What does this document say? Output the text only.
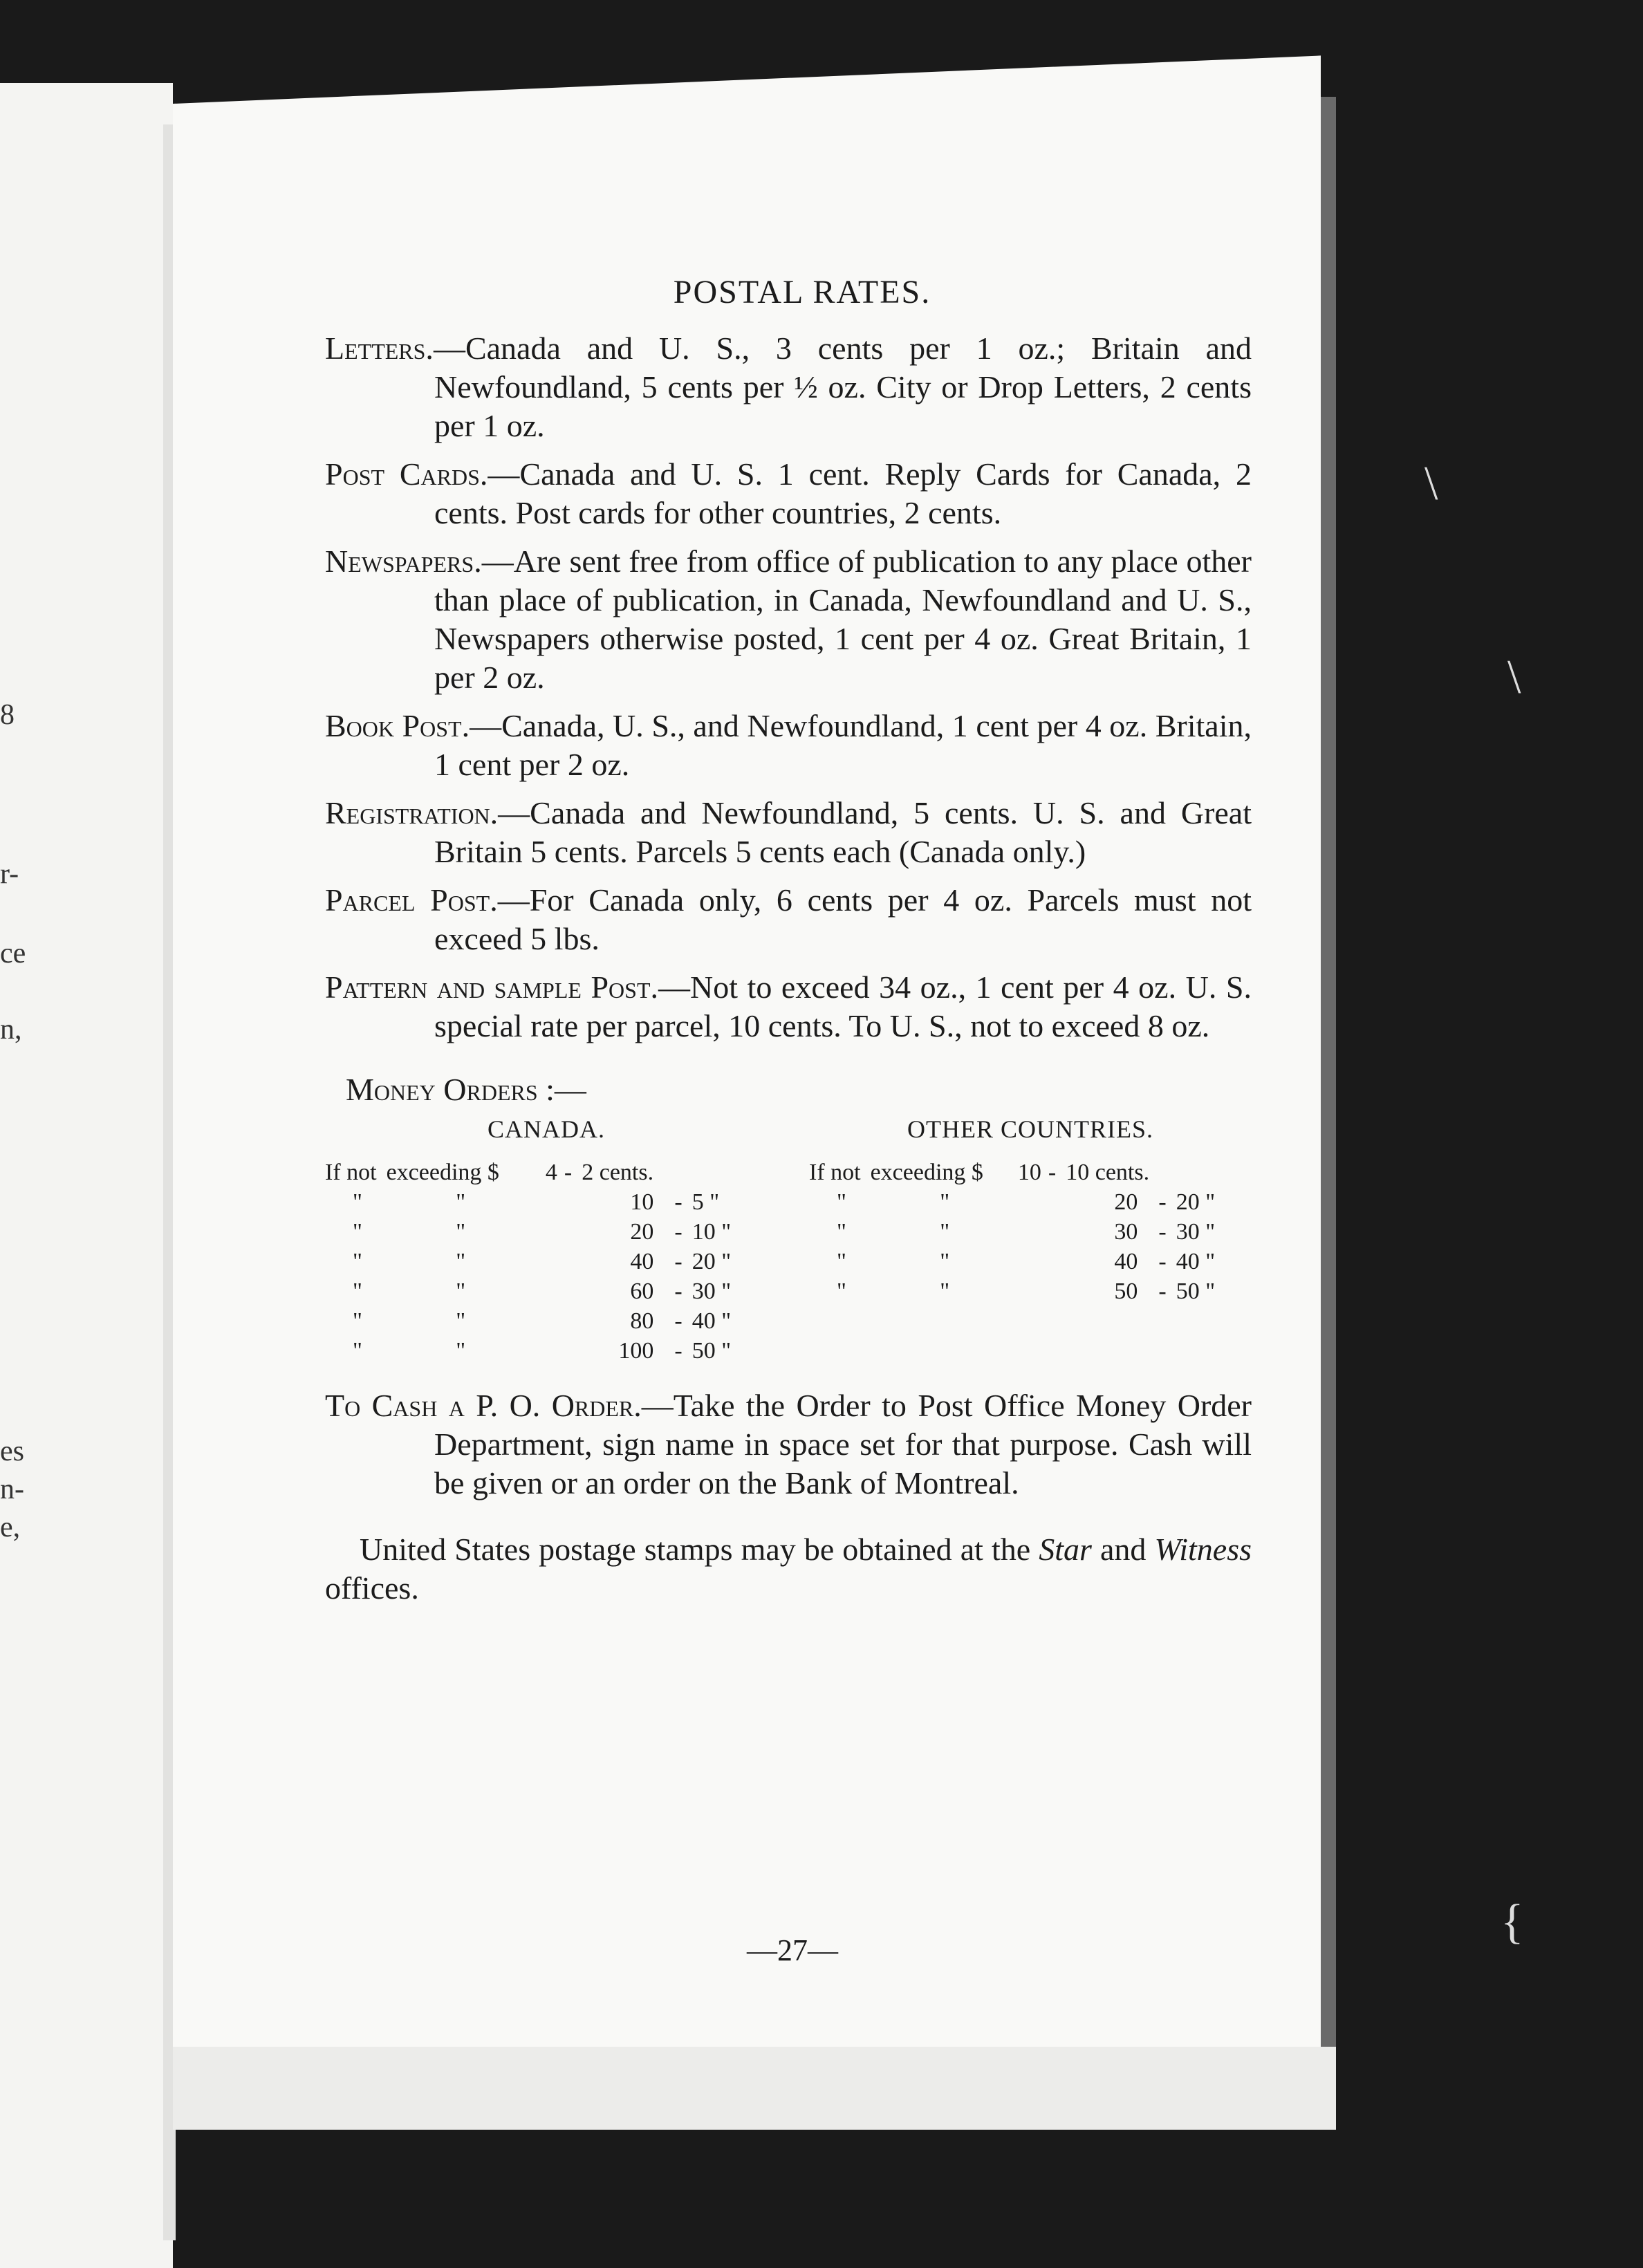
8
r-
ce
n,
es
n-
e,
\
\
{
POSTAL RATES.

Letters.—Canada and U. S., 3 cents per 1 oz.; Britain and Newfoundland, 5 cents per ½ oz. City or Drop Letters, 2 cents per 1 oz.

Post Cards.—Canada and U. S. 1 cent. Reply Cards for Canada, 2 cents. Post cards for other countries, 2 cents.

Newspapers.—Are sent free from office of publication to any place other than place of publication, in Canada, Newfoundland and U. S., Newspapers otherwise posted, 1 cent per 4 oz. Great Britain, 1 per 2 oz.

Book Post.—Canada, U. S., and Newfoundland, 1 cent per 4 oz. Britain, 1 cent per 2 oz.

Registration.—Canada and Newfoundland, 5 cents. U. S. and Great Britain 5 cents. Parcels 5 cents each (Canada only.)

Parcel Post.—For Canada only, 6 cents per 4 oz. Parcels must not exceed 5 lbs.

Pattern and sample Post.—Not to exceed 34 oz., 1 cent per 4 oz. U. S. special rate per parcel, 10 cents. To U. S., not to exceed 8 oz.

Money Orders :—
CANADA.
If not exceeding $	4 - 2 cents.
"	"	10 - 5 "
"	"	20 - 10 "
"	"	40 - 20 "
"	"	60 - 30 "
"	"	80 - 40 "
"	"	100 - 50 "
OTHER COUNTRIES.
If not exceeding $	10 - 10 cents.
"	"	20 - 20 "
"	"	30 - 30 "
"	"	40 - 40 "
"	"	50 - 50 "

To Cash a P. O. Order.—Take the Order to Post Office Money Order Department, sign name in space set for that purpose. Cash will be given or an order on the Bank of Montreal.

United States postage stamps may be obtained at the Star and Witness offices.

—27—
